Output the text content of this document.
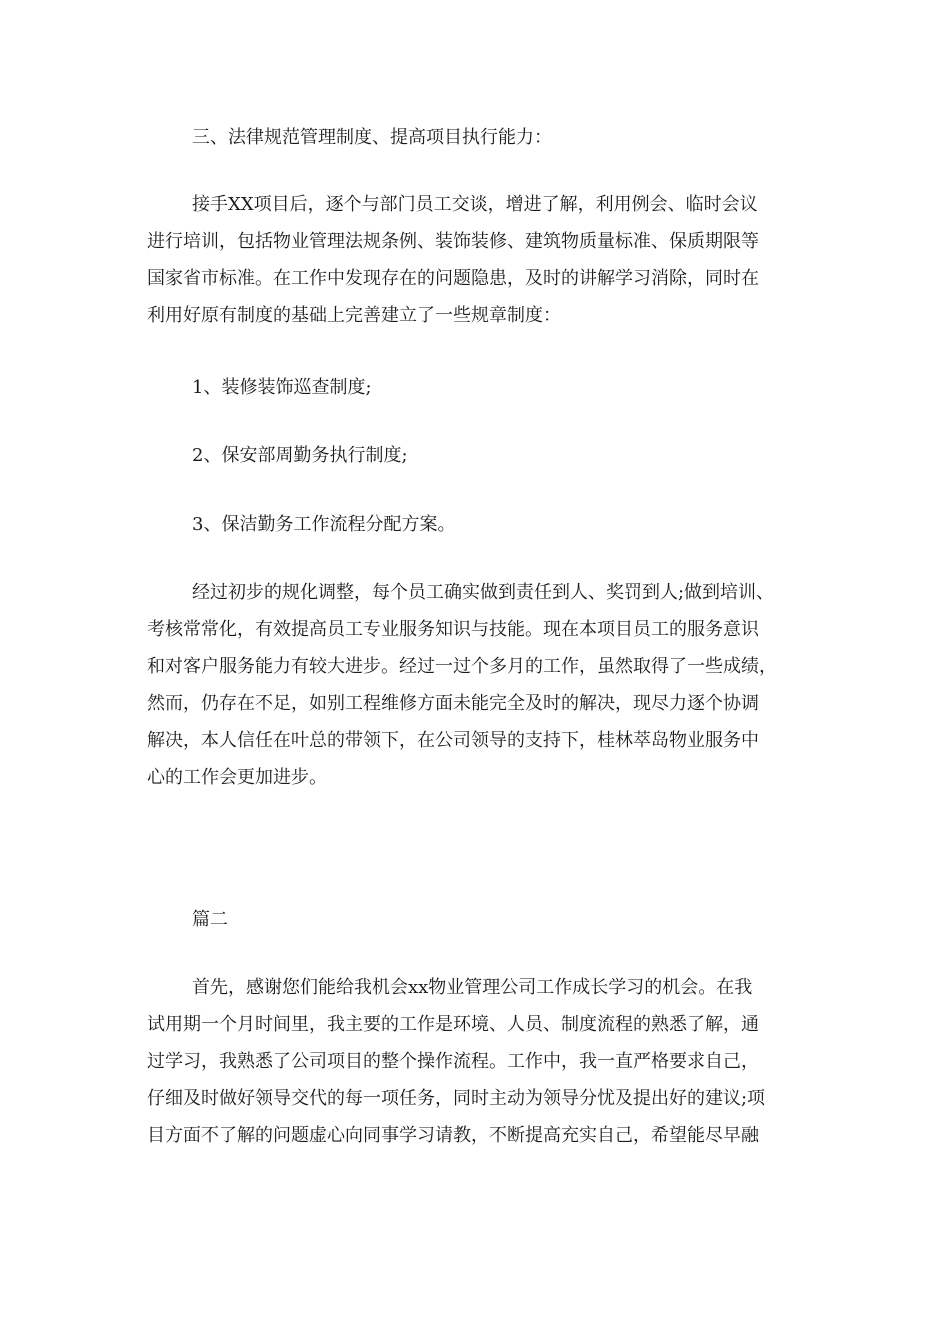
三、法律规范管理制度、提高项目执行能力：

接手XX项目后，逐个与部门员工交谈，增进了解，利用例会、临时会议
进行培训，包括物业管理法规条例、装饰装修、建筑物质量标准、保质期限等
国家省市标准。在工作中发现存在的问题隐患，及时的讲解学习消除，同时在
利用好原有制度的基础上完善建立了一些规章制度：

1、装修装饰巡查制度;

2、保安部周勤务执行制度;

3、保洁勤务工作流程分配方案。

经过初步的规化调整，每个员工确实做到责任到人、奖罚到人;做到培训、
考核常常化，有效提高员工专业服务知识与技能。现在本项目员工的服务意识
和对客户服务能力有较大进步。经过一过个多月的工作，虽然取得了一些成绩，
然而，仍存在不足，如别工程维修方面未能完全及时的解决，现尽力逐个协调
解决，本人信任在叶总的带领下，在公司领导的支持下，桂林萃岛物业服务中
心的工作会更加进步。

篇二

首先，感谢您们能给我机会xx物业管理公司工作成长学习的机会。在我
试用期一个月时间里，我主要的工作是环境、人员、制度流程的熟悉了解，通
过学习，我熟悉了公司项目的整个操作流程。工作中，我一直严格要求自己，
仔细及时做好领导交代的每一项任务，同时主动为领导分忧及提出好的建议;项
目方面不了解的问题虚心向同事学习请教，不断提高充实自己，希望能尽早融
